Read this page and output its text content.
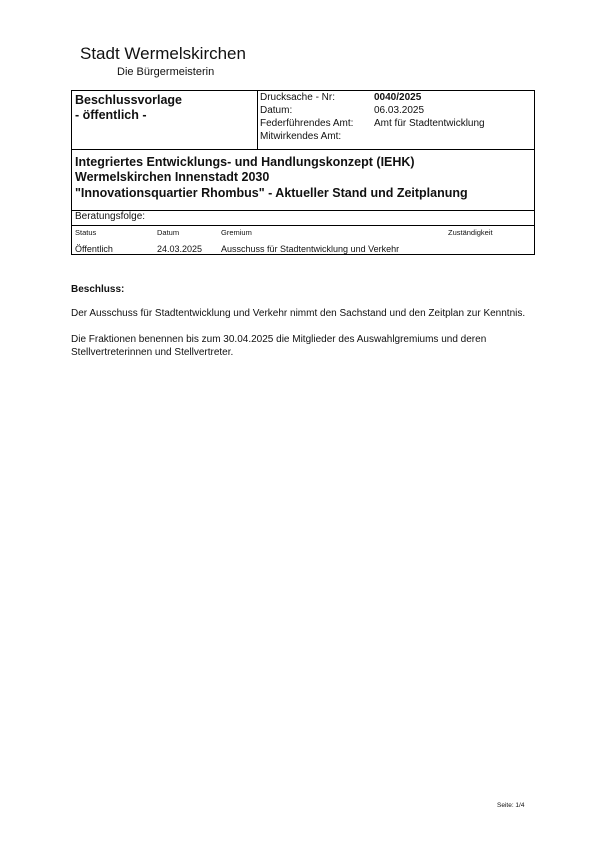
Stadt Wermelskirchen
Die Bürgermeisterin
Beschlussvorlage
- öffentlich -
Drucksache - Nr:	0040/2025
Datum:	06.03.2025
Federführendes Amt: Amt für Stadtentwicklung
Mitwirkendes Amt:
Integriertes Entwicklungs- und Handlungskonzept (IEHK)
Wermelskirchen Innenstadt 2030
"Innovationsquartier Rhombus" - Aktueller Stand und Zeitplanung
Beratungsfolge:
Status	Datum	Gremium	Zuständigkeit
Öffentlich	24.03.2025 Ausschuss für Stadtentwicklung und Verkehr
Beschluss:
Der Ausschuss für Stadtentwicklung und Verkehr nimmt den Sachstand und den Zeitplan zur Kenntnis.
Die Fraktionen benennen bis zum 30.04.2025 die Mitglieder des Auswahlgremiums und deren Stellvertreterinnen und Stellvertreter.
Seite: 1/4
